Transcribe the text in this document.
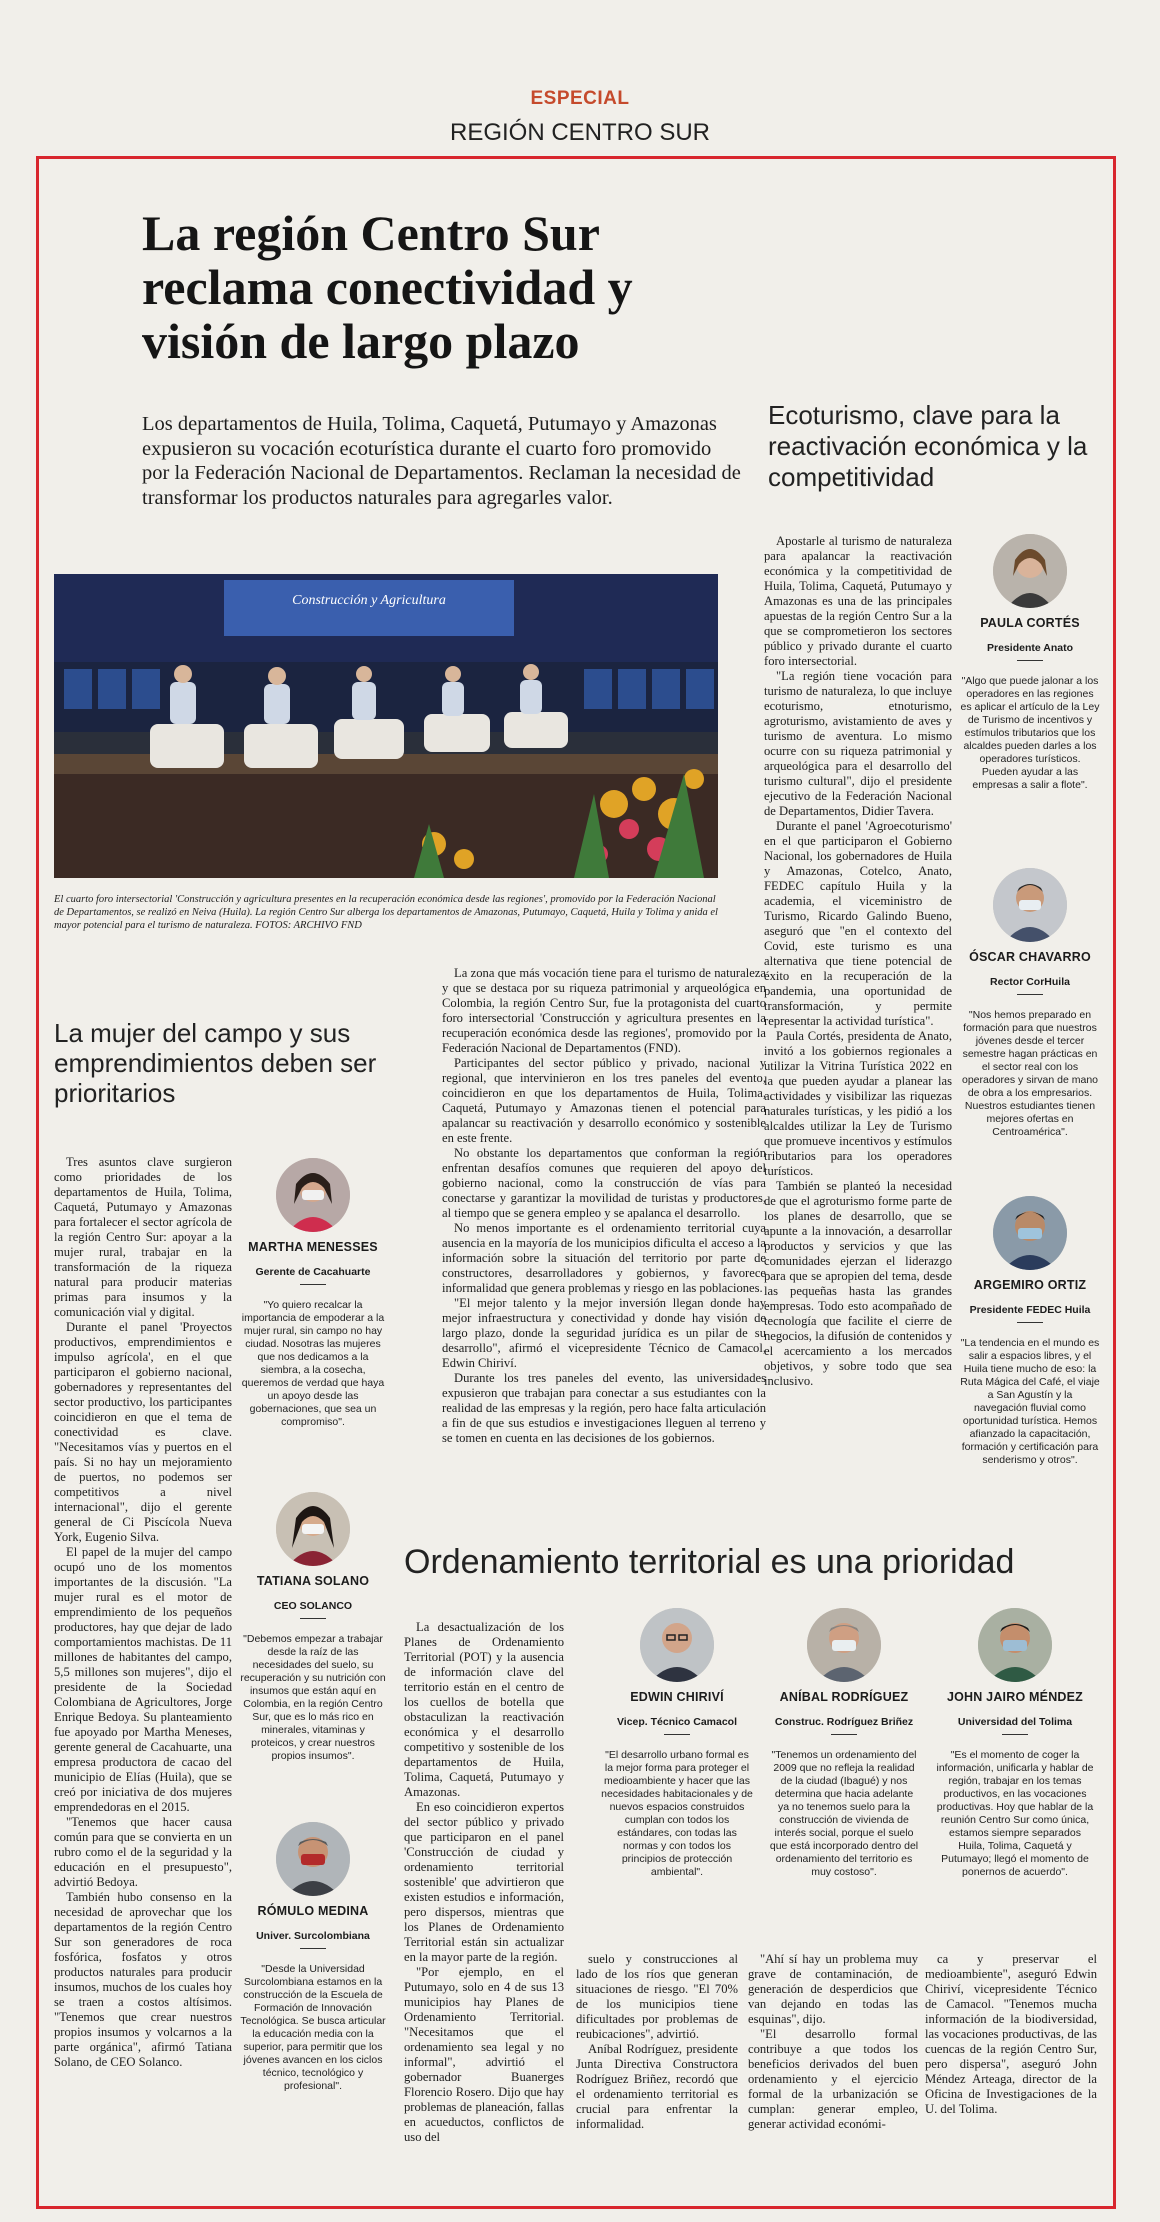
ESPECIAL
REGIÓN CENTRO SUR
La región Centro Sur reclama conectividad y visión de largo plazo
Los departamentos de Huila, Tolima, Caquetá, Putumayo y Amazonas expusieron su vocación ecoturística durante el cuarto foro promovido por la Federación Nacional de Departamentos. Reclaman la necesidad de transformar los productos naturales para agregarles valor.
Construcción y Agricultura
El cuarto foro intersectorial 'Construcción y agricultura presentes en la recuperación económica desde las regiones', promovido por la Federación Nacional de Departamentos, se realizó en Neiva (Huila). La región Centro Sur alberga los departamentos de Amazonas, Putumayo, Caquetá, Huila y Tolima y anida el mayor potencial para el turismo de naturaleza. FOTOS: ARCHIVO FND
Ecoturismo, clave para la reactivación económica y la competitividad

Apostarle al turismo de naturaleza para apalancar la reactivación económica y la competitividad de Huila, Tolima, Caquetá, Putumayo y Amazonas es una de las principales apuestas de la región Centro Sur a la que se comprometieron los sectores público y privado durante el cuarto foro intersectorial.

"La región tiene vocación para turismo de naturaleza, lo que incluye ecoturismo, etnoturismo, agroturismo, avistamiento de aves y turismo de aventura. Lo mismo ocurre con su riqueza patrimonial y arqueológica para el desarrollo del turismo cultural", dijo el presidente ejecutivo de la Federación Nacional de Departamentos, Didier Tavera.

Durante el panel 'Agroecoturismo' en el que participaron el Gobierno Nacional, los gobernadores de Huila y Amazonas, Cotelco, Anato, FEDEC capítulo Huila y la academia, el viceministro de Turismo, Ricardo Galindo Bueno, aseguró que "en el contexto del Covid, este turismo es una alternativa que tiene potencial de éxito en la recuperación de la pandemia, una oportunidad de transformación, y permite representar la actividad turística".

Paula Cortés, presidenta de Anato, invitó a los gobiernos regionales a utilizar la Vitrina Turística 2022 en la que pueden ayudar a planear las actividades y visibilizar las riquezas naturales turísticas, y les pidió a los alcaldes utilizar la Ley de Turismo que promueve incentivos y estímulos tributarios para los operadores turísticos.

También se planteó la necesidad de que el agroturismo forme parte de los planes de desarrollo, que se apunte a la innovación, a desarrollar productos y servicios y que las comunidades ejerzan el liderazgo para que se apropien del tema, desde las pequeñas hasta las grandes empresas. Todo esto acompañado de tecnología que facilite el cierre de negocios, la difusión de contenidos y el acercamiento a los mercados objetivos, y sobre todo que sea inclusivo.

PAULA CORTÉS
Presidente Anato
"Algo que puede jalonar a los operadores en las regiones es aplicar el artículo de la Ley de Turismo de incentivos y estímulos tributarios que los alcaldes pueden darles a los operadores turísticos. Pueden ayudar a las empresas a salir a flote".
ÓSCAR CHAVARRO
Rector CorHuila
"Nos hemos preparado en formación para que nuestros jóvenes desde el tercer semestre hagan prácticas en el sector real con los operadores y sirvan de mano de obra a los empresarios. Nuestros estudiantes tienen mejores ofertas en Centroamérica".
ARGEMIRO ORTIZ
Presidente FEDEC Huila
"La tendencia en el mundo es salir a espacios libres, y el Huila tiene mucho de eso: la Ruta Mágica del Café, el viaje a San Agustín y la navegación fluvial como oportunidad turística. Hemos afianzado la capacitación, formación y certificación para senderismo y otros".
La mujer del campo y sus emprendimientos deben ser prioritarios

Tres asuntos clave surgieron como prioridades de los departamentos de Huila, Tolima, Caquetá, Putumayo y Amazonas para fortalecer el sector agrícola de la región Centro Sur: apoyar a la mujer rural, trabajar en la transformación de la riqueza natural para producir materias primas para insumos y la comunicación vial y digital.

Durante el panel 'Proyectos productivos, emprendimientos e impulso agrícola', en el que participaron el gobierno nacional, gobernadores y representantes del sector productivo, los participantes coincidieron en que el tema de conectividad es clave. "Necesitamos vías y puertos en el país. Si no hay un mejoramiento de puertos, no podemos ser competitivos a nivel internacional", dijo el gerente general de Ci Piscícola Nueva York, Eugenio Silva.

El papel de la mujer del campo ocupó uno de los momentos importantes de la discusión. "La mujer rural es el motor de emprendimiento de los pequeños productores, hay que dejar de lado comportamientos machistas. De 11 millones de habitantes del campo, 5,5 millones son mujeres", dijo el presidente de la Sociedad Colombiana de Agricultores, Jorge Enrique Bedoya. Su planteamiento fue apoyado por Martha Meneses, gerente general de Cacahuarte, una empresa productora de cacao del municipio de Elías (Huila), que se creó por iniciativa de dos mujeres emprendedoras en el 2015.

"Tenemos que hacer causa común para que se convierta en un rubro como el de la seguridad y la educación en el presupuesto", advirtió Bedoya.

También hubo consenso en la necesidad de aprovechar que los departamentos de la región Centro Sur son generadores de roca fosfórica, fosfatos y otros productos naturales para producir insumos, muchos de los cuales hoy se traen a costos altísimos. "Tenemos que crear nuestros propios insumos y volcarnos a la parte orgánica", afirmó Tatiana Solano, de CEO Solanco.

MARTHA MENESSES
Gerente de Cacahuarte
"Yo quiero recalcar la importancia de empoderar a la mujer rural, sin campo no hay ciudad. Nosotras las mujeres que nos dedicamos a la siembra, a la cosecha, queremos de verdad que haya un apoyo desde las gobernaciones, que sea un compromiso".
TATIANA SOLANO
CEO SOLANCO
"Debemos empezar a trabajar desde la raíz de las necesidades del suelo, su recuperación y su nutrición con insumos que están aquí en Colombia, en la región Centro Sur, que es lo más rico en minerales, vitaminas y proteicos, y crear nuestros propios insumos".
RÓMULO MEDINA
Univer. Surcolombiana
"Desde la Universidad Surcolombiana estamos en la construcción de la Escuela de Formación de Innovación Tecnológica. Se busca articular la educación media con la superior, para permitir que los jóvenes avancen en los ciclos técnico, tecnológico y profesional".

La zona que más vocación tiene para el turismo de naturaleza y que se destaca por su riqueza patrimonial y arqueológica en Colombia, la región Centro Sur, fue la protagonista del cuarto foro intersectorial 'Construcción y agricultura presentes en la recuperación económica desde las regiones', promovido por la Federación Nacional de Departamentos (FND).

Participantes del sector público y privado, nacional y regional, que intervinieron en los tres paneles del evento, coincidieron en que los departamentos de Huila, Tolima, Caquetá, Putumayo y Amazonas tienen el potencial para apalancar su reactivación y desarrollo económico y sostenible en este frente.

No obstante los departamentos que conforman la región enfrentan desafíos comunes que requieren del apoyo del gobierno nacional, como la construcción de vías para conectarse y garantizar la movilidad de turistas y productores, al tiempo que se genera empleo y se apalanca el desarrollo.

No menos importante es el ordenamiento territorial cuya ausencia en la mayoría de los municipios dificulta el acceso a la información sobre la situación del territorio por parte de constructores, desarrolladores y gobiernos, y favorece informalidad que genera problemas y riesgo en las poblaciones.

"El mejor talento y la mejor inversión llegan donde hay mejor infraestructura y conectividad y donde hay visión de largo plazo, donde la seguridad jurídica es un pilar de su desarrollo", afirmó el vicepresidente Técnico de Camacol, Edwin Chiriví.

Durante los tres paneles del evento, las universidades expusieron que trabajan para conectar a sus estudiantes con la realidad de las empresas y la región, pero hace falta articulación a fin de que sus estudios e investigaciones lleguen al terreno y se tomen en cuenta en las decisiones de los gobiernos.

Ordenamiento territorial es una prioridad

La desactualización de los Planes de Ordenamiento Territorial (POT) y la ausencia de información clave del territorio están en el centro de los cuellos de botella que obstaculizan la reactivación económica y el desarrollo competitivo y sostenible de los departamentos de Huila, Tolima, Caquetá, Putumayo y Amazonas.

En eso coincidieron expertos del sector público y privado que participaron en el panel 'Construcción de ciudad y ordenamiento territorial sostenible' que advirtieron que existen estudios e información, pero dispersos, mientras que los Planes de Ordenamiento Territorial están sin actualizar en la mayor parte de la región.

"Por ejemplo, en el Putumayo, solo en 4 de sus 13 municipios hay Planes de Ordenamiento Territorial. "Necesitamos que el ordenamiento sea legal y no informal", advirtió el gobernador Buanerges Florencio Rosero. Dijo que hay problemas de planeación, fallas en acueductos, conflictos de uso del

EDWIN CHIRIVÍ
Vicep. Técnico Camacol
"El desarrollo urbano formal es la mejor forma para proteger el medioambiente y hacer que las necesidades habitacionales y de nuevos espacios construidos cumplan con todos los estándares, con todas las normas y con todos los principios de protección ambiental".
ANÍBAL RODRÍGUEZ
Construc. Rodríguez Briñez
"Tenemos un ordenamiento del 2009 que no refleja la realidad de la ciudad (Ibagué) y nos determina que hacia adelante ya no tenemos suelo para la construcción de vivienda de interés social, porque el suelo que está incorporado dentro del ordenamiento del territorio es muy costoso".
JOHN JAIRO MÉNDEZ
Universidad del Tolima
"Es el momento de coger la información, unificarla y hablar de región, trabajar en los temas productivos, en las vocaciones productivas. Hoy que hablar de la reunión Centro Sur como única, estamos siempre separados Huila, Tolima, Caquetá y Putumayo; llegó el momento de ponernos de acuerdo".

suelo y construcciones al lado de los ríos que generan situaciones de riesgo. "El 70% de los municipios tiene dificultades por problemas de reubicaciones", advirtió.

Aníbal Rodríguez, presidente Junta Directiva Constructora Rodríguez Briñez, recordó que el ordenamiento territorial es crucial para enfrentar la informalidad.

"Ahí sí hay un problema muy grave de contaminación, de generación de desperdicios que van dejando en todas las esquinas", dijo.

"El desarrollo formal contribuye a que todos los beneficios derivados del buen ordenamiento y el ejercicio formal de la urbanización se cumplan: generar empleo, generar actividad económi-

ca y preservar el medioambiente", aseguró Edwin Chiriví, vicepresidente Técnico de Camacol. "Tenemos mucha información de la biodiversidad, las vocaciones productivas, de las cuencas de la región Centro Sur, pero dispersa", aseguró John Méndez Arteaga, director de la Oficina de Investigaciones de la U. del Tolima.
